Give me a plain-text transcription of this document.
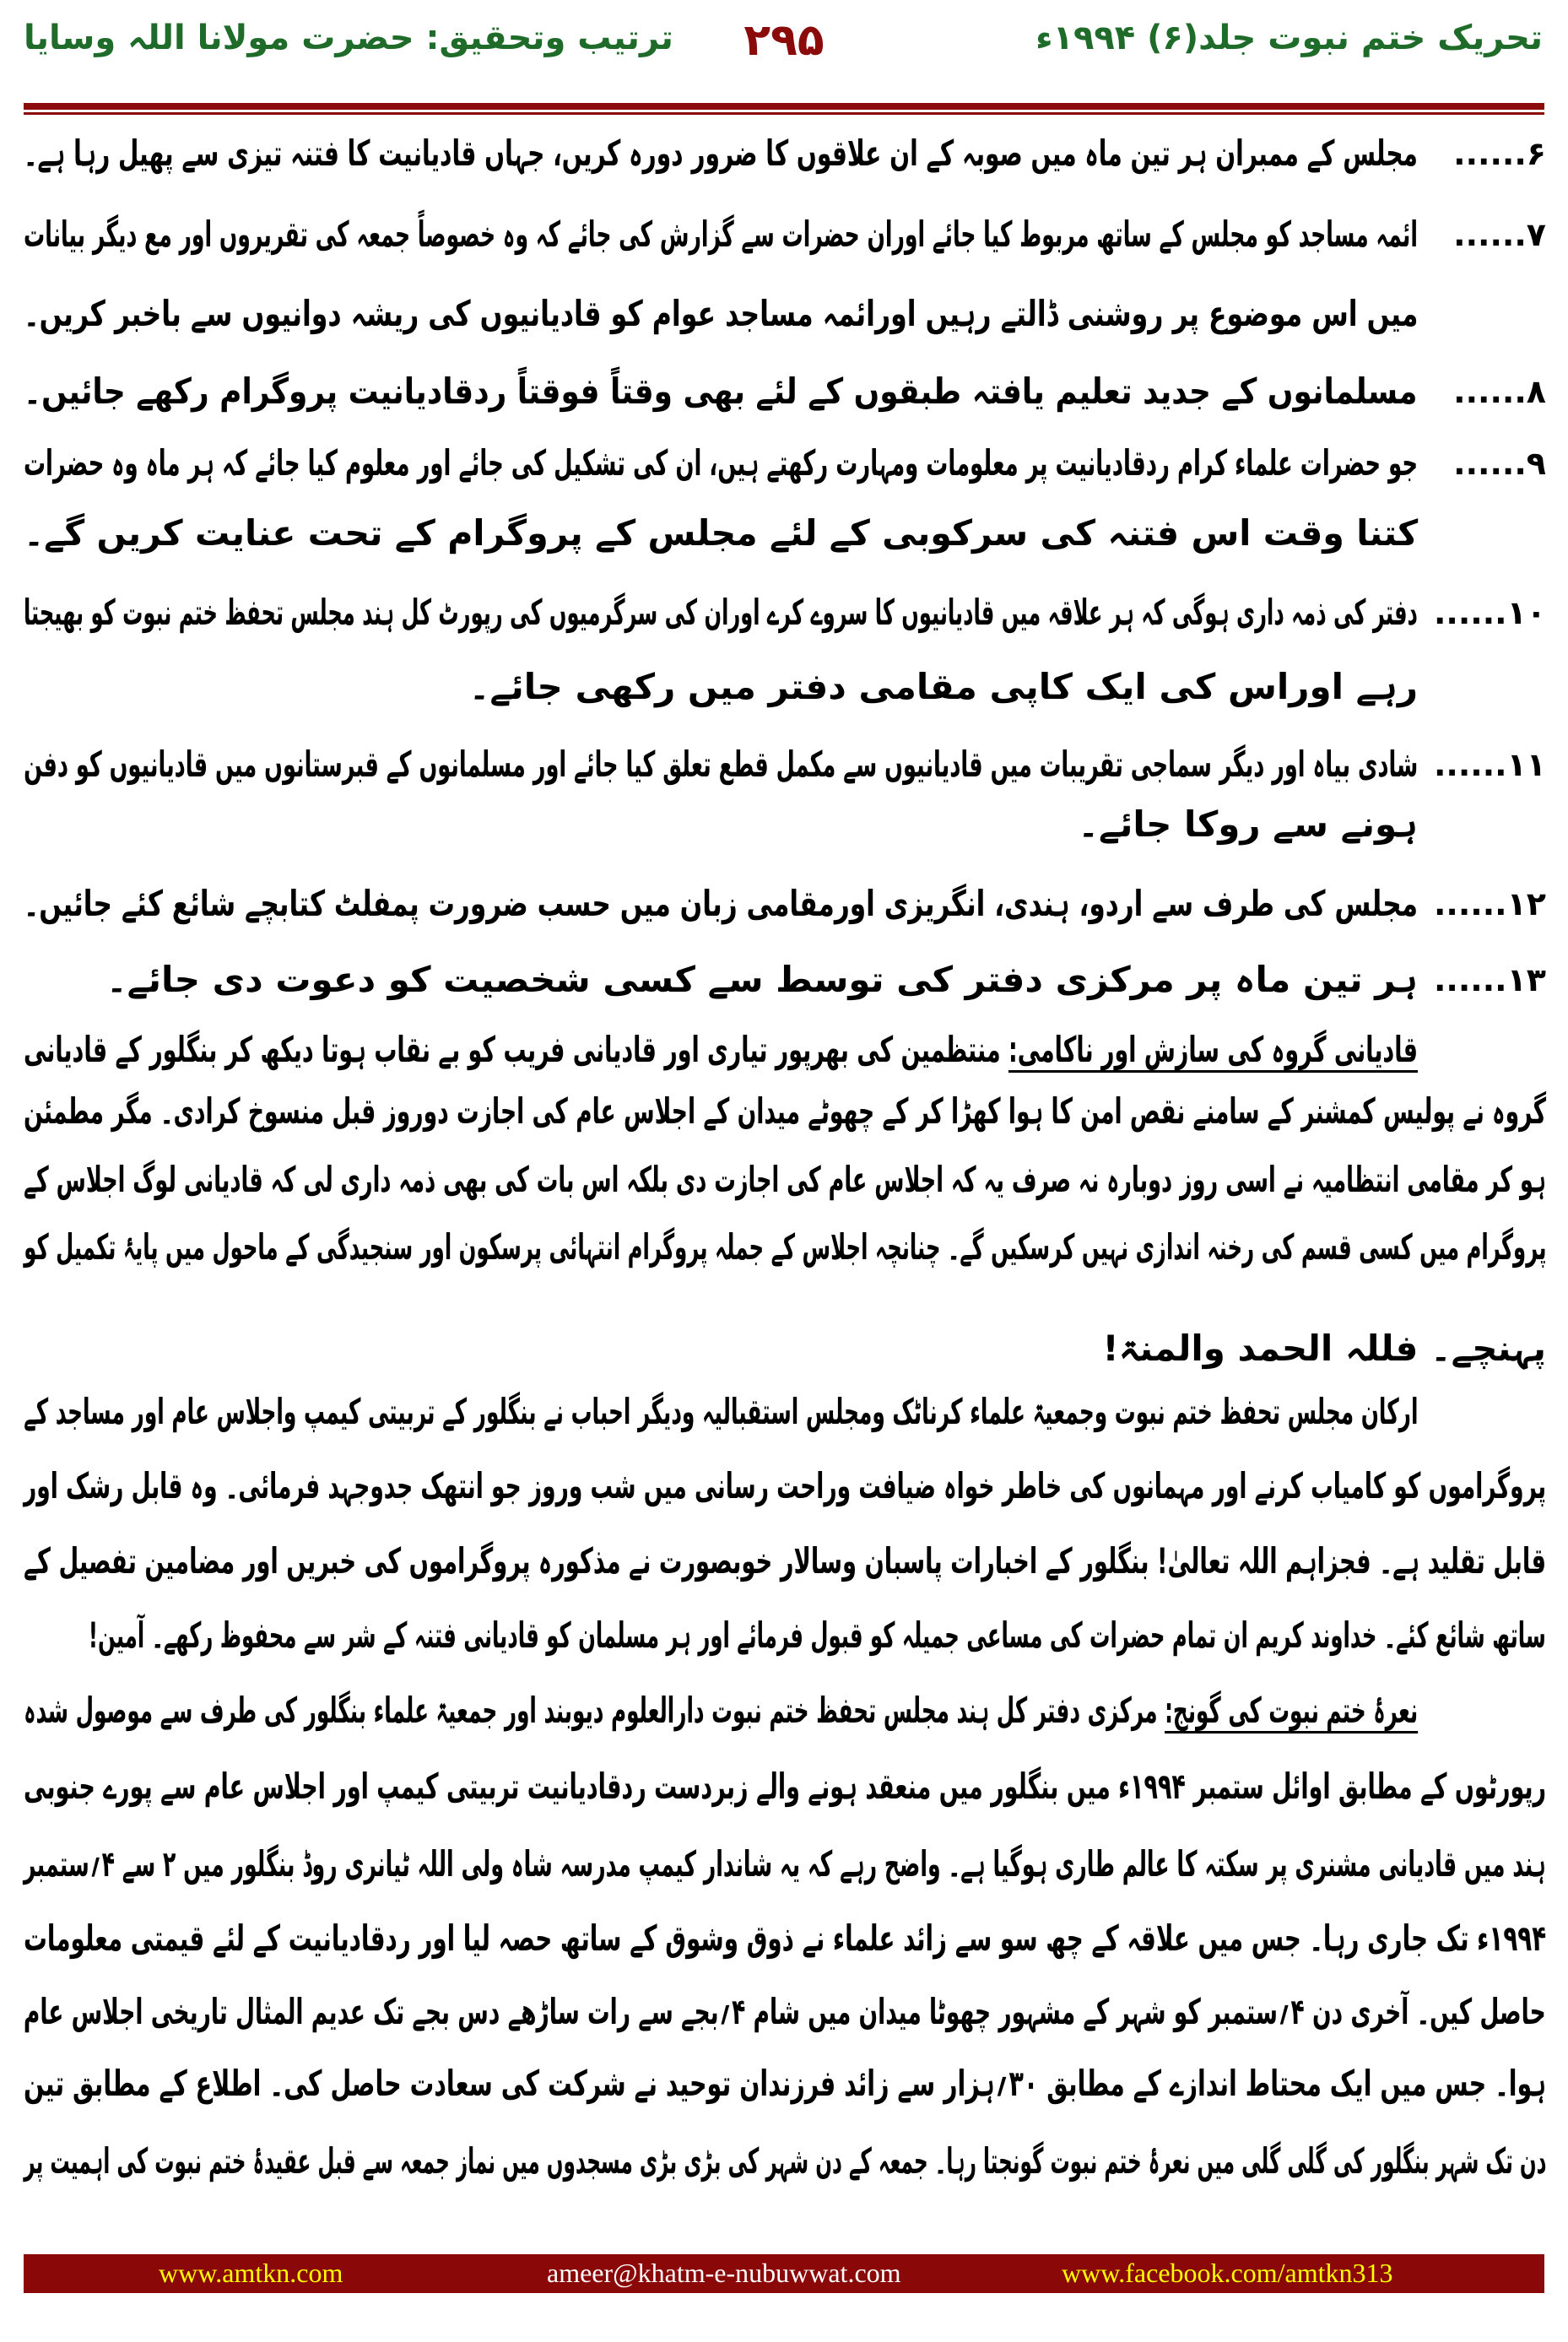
تحریک ختم نبوت جلد(۶) ۱۹۹۴ء
۲۹۵
ترتیب وتحقیق: حضرت مولانا اللہ وسایا
۶......
مجلس کے ممبران ہر تین ماہ میں صوبہ کے ان علاقوں کا ضرور دورہ کریں، جہاں قادیانیت کا فتنہ تیزی سے پھیل رہا ہے۔
۷......
ائمہ مساجد کو مجلس کے ساتھ مربوط کیا جائے اوران حضرات سے گزارش کی جائے کہ وہ خصوصاً جمعہ کی تقریروں اور مع دیگر بیانات
میں اس موضوع پر روشنی ڈالتے رہیں اورائمہ مساجد عوام کو قادیانیوں کی ریشہ دوانیوں سے باخبر کریں۔
۸......
مسلمانوں کے جدید تعلیم یافتہ طبقوں کے لئے بھی وقتاً فوقتاً ردقادیانیت پروگرام رکھے جائیں۔
۹......
جو حضرات علماء کرام ردقادیانیت پر معلومات ومہارت رکھتے ہیں، ان کی تشکیل کی جائے اور معلوم کیا جائے کہ ہر ماہ وہ حضرات
کتنا وقت اس فتنہ کی سرکوبی کے لئے مجلس کے پروگرام کے تحت عنایت کریں گے۔
۱۰......
دفتر کی ذمہ داری ہوگی کہ ہر علاقہ میں قادیانیوں کا سروے کرے اوران کی سرگرمیوں کی رپورٹ کل ہند مجلس تحفظ ختم نبوت کو بھیجتا
رہے اوراس کی ایک کاپی مقامی دفتر میں رکھی جائے۔
۱۱......
شادی بیاہ اور دیگر سماجی تقریبات میں قادیانیوں سے مکمل قطع تعلق کیا جائے اور مسلمانوں کے قبرستانوں میں قادیانیوں کو دفن
ہونے سے روکا جائے۔
۱۲......
مجلس کی طرف سے اردو، ہندی، انگریزی اورمقامی زبان میں حسب ضرورت پمفلٹ کتابچے شائع کئے جائیں۔
۱۳......
ہر تین ماہ پر مرکزی دفتر کی توسط سے کسی شخصیت کو دعوت دی جائے۔
قادیانی گروہ کی سازش اور ناکامی: منتظمین کی بھرپور تیاری اور قادیانی فریب کو بے نقاب ہوتا دیکھ کر بنگلور کے قادیانی
گروہ نے پولیس کمشنر کے سامنے نقص امن کا ہوا کھڑا کر کے چھوٹے میدان کے اجلاس عام کی اجازت دوروز قبل منسوخ کرادی۔ مگر مطمئن
ہو کر مقامی انتظامیہ نے اسی روز دوبارہ نہ صرف یہ کہ اجلاس عام کی اجازت دی بلکہ اس بات کی بھی ذمہ داری لی کہ قادیانی لوگ اجلاس کے
پروگرام میں کسی قسم کی رخنہ اندازی نہیں کرسکیں گے۔ چنانچہ اجلاس کے جملہ پروگرام انتہائی پرسکون اور سنجیدگی کے ماحول میں پایۂ تکمیل کو
پہنچے۔ فللہ الحمد والمنۃ!
ارکان مجلس تحفظ ختم نبوت وجمعیۃ علماء کرناٹک ومجلس استقبالیہ ودیگر احباب نے بنگلور کے تربیتی کیمپ واجلاس عام اور مساجد کے
پروگراموں کو کامیاب کرنے اور مہمانوں کی خاطر خواہ ضیافت وراحت رسانی میں شب وروز جو انتھک جدوجہد فرمائی۔ وہ قابل رشک اور
قابل تقلید ہے۔ فجزاہم اللہ تعالیٰ! بنگلور کے اخبارات پاسبان وسالار خوبصورت نے مذکورہ پروگراموں کی خبریں اور مضامین تفصیل کے
ساتھ شائع کئے۔ خداوند کریم ان تمام حضرات کی مساعی جمیلہ کو قبول فرمائے اور ہر مسلمان کو قادیانی فتنہ کے شر سے محفوظ رکھے۔ آمین!
نعرۂ ختم نبوت کی گونج: مرکزی دفتر کل ہند مجلس تحفظ ختم نبوت دارالعلوم دیوبند اور جمعیۃ علماء بنگلور کی طرف سے موصول شدہ
رپورٹوں کے مطابق اوائل ستمبر ۱۹۹۴ء میں بنگلور میں منعقد ہونے والے زبردست ردقادیانیت تربیتی کیمپ اور اجلاس عام سے پورے جنوبی
ہند میں قادیانی مشنری پر سکتہ کا عالم طاری ہوگیا ہے۔ واضح رہے کہ یہ شاندار کیمپ مدرسہ شاہ ولی اللہ ٹیانری روڈ بنگلور میں ۲ سے ۴؍ستمبر
۱۹۹۴ء تک جاری رہا۔ جس میں علاقہ کے چھ سو سے زائد علماء نے ذوق وشوق کے ساتھ حصہ لیا اور ردقادیانیت کے لئے قیمتی معلومات
حاصل کیں۔ آخری دن ۴؍ستمبر کو شہر کے مشہور چھوٹا میدان میں شام ۴؍بجے سے رات ساڑھے دس بجے تک عدیم المثال تاریخی اجلاس عام
ہوا۔ جس میں ایک محتاط اندازے کے مطابق ۳۰؍ہزار سے زائد فرزندان توحید نے شرکت کی سعادت حاصل کی۔ اطلاع کے مطابق تین
دن تک شہر بنگلور کی گلی گلی میں نعرۂ ختم نبوت گونجتا رہا۔ جمعہ کے دن شہر کی بڑی بڑی مسجدوں میں نماز جمعہ سے قبل عقیدۂ ختم نبوت کی اہمیت پر
www.amtkn.com	ameer@khatm-e-nubuwwat.com	www.facebook.com/amtkn313
